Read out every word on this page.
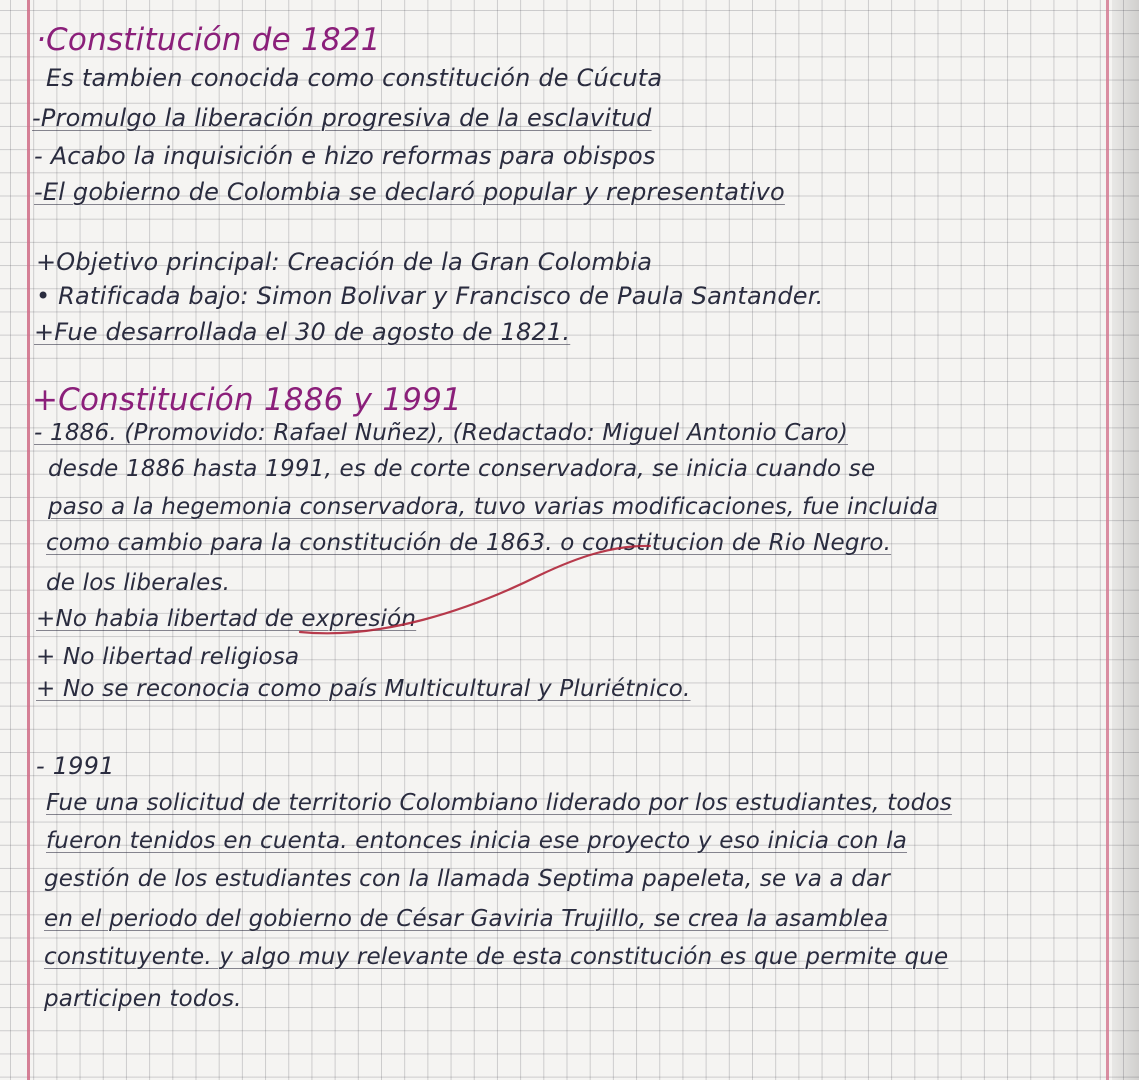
·Constitución de 1821
Es tambien conocida como constitución de Cúcuta
-Promulgo la liberación progresiva de la esclavitud
- Acabo la inquisición e hizo reformas para obispos
-El gobierno de Colombia se declaró popular y representativo
+Objetivo principal: Creación de la Gran Colombia
• Ratificada bajo: Simon Bolivar y Francisco de Paula Santander.
+Fue desarrollada el 30 de agosto de 1821.
+Constitución 1886 y 1991
- 1886. (Promovido: Rafael Nuñez), (Redactado: Miguel Antonio Caro)
desde 1886 hasta 1991, es de corte conservadora, se inicia cuando se
paso a la hegemonia conservadora, tuvo varias modificaciones, fue incluida
como cambio para la constitución de 1863. o constitucion de Rio Negro.
de los liberales.
+No habia libertad de expresión
+ No libertad religiosa
+ No se reconocia como país Multicultural y Pluriétnico.
- 1991
Fue una solicitud de territorio Colombiano liderado por los estudiantes, todos
fueron tenidos en cuenta. entonces inicia ese proyecto y eso inicia con la
gestión de los estudiantes con la llamada Septima papeleta, se va a dar
en el periodo del gobierno de César Gaviria Trujillo, se crea la asamblea
constituyente. y algo muy relevante de esta constitución es que permite que
participen todos.
